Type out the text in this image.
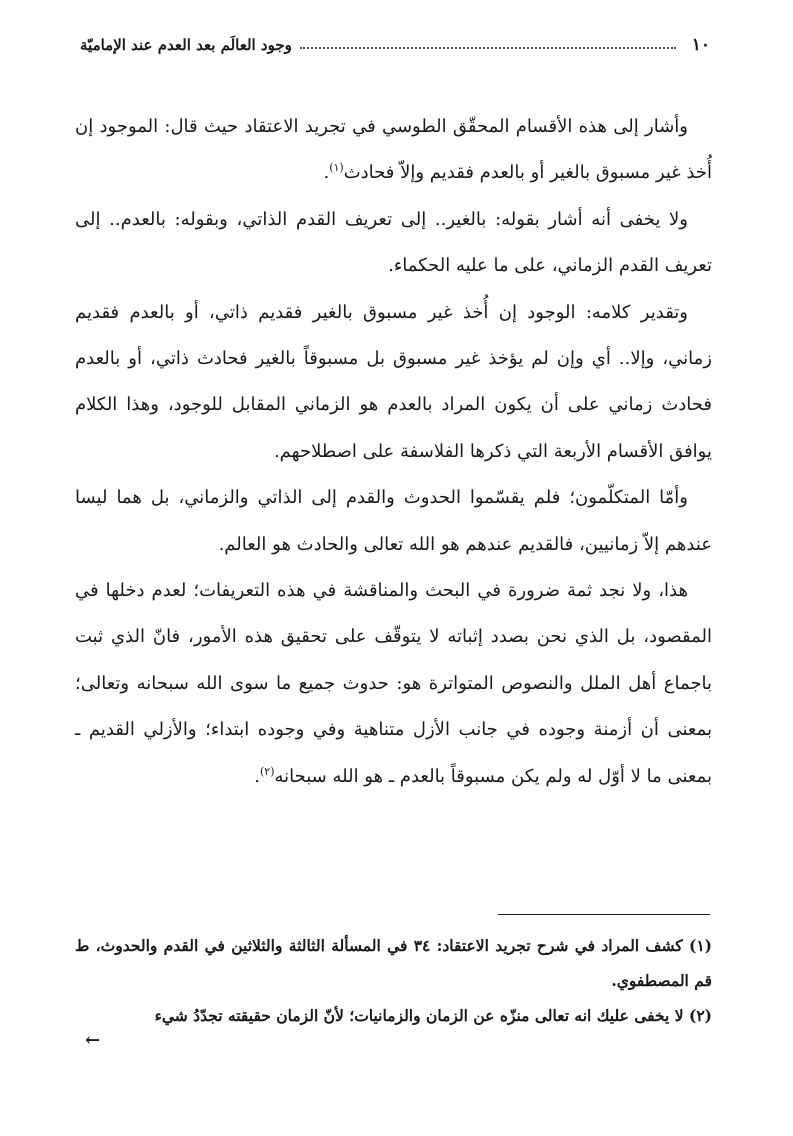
١٠
وجود العالَم بعد العدم عند الإماميّة

وأشار إلى هذه الأقسام المحقّق الطوسي في تجريد الاعتقاد حيث قال: الموجود إن أُخذ غير مسبوق بالغير أو بالعدم فقديم وإلاّ فحادث$^{(١)}$.

ولا يخفى أنه أشار بقوله: بالغير.. إلى تعريف القدم الذاتي، وبقوله: بالعدم.. إلى تعريف القدم الزماني، على ما عليه الحكماء.

وتقدير كلامه: الوجود إن أُخذ غير مسبوق بالغير فقديم ذاتي، أو بالعدم فقديم زماني، وإلا.. أي وإن لم يؤخذ غير مسبوق بل مسبوقاً بالغير فحادث ذاتي، أو بالعدم فحادث زماني على أن يكون المراد بالعدم هو الزماني المقابل للوجود، وهذا الكلام يوافق الأقسام الأربعة التي ذكرها الفلاسفة على اصطلاحهم.

وأمّا المتكلّمون؛ فلم يقسّموا الحدوث والقدم إلى الذاتي والزماني، بل هما ليسا عندهم إلاّ زمانيين، فالقديم عندهم هو الله تعالى والحادث هو العالم.

هذا، ولا نجد ثمة ضرورة في البحث والمناقشة في هذه التعريفات؛ لعدم دخلها في المقصود، بل الذي نحن بصدد إثباته لا يتوقّف على تحقيق هذه الأمور، فانّ الذي ثبت باجماع أهل الملل والنصوص المتواترة هو: حدوث جميع ما سوى الله سبحانه وتعالى؛ بمعنى أن أزمنة وجوده في جانب الأزل متناهية وفي وجوده ابتداء؛ والأزلي القديم ـ بمعنى ما لا أوّل له ولم يكن مسبوقاً بالعدم ـ هو الله سبحانه$^{(٢)}$.

(١) كشف المراد في شرح تجريد الاعتقاد: ٣٤ في المسألة الثالثة والثلاثين في القدم والحدوث، ط قم المصطفوي.

(٢) لا يخفى عليك انه تعالى منزّه عن الزمان والزمانيات؛ لأنّ الزمان حقيقته تجدّدُ شيء

←
